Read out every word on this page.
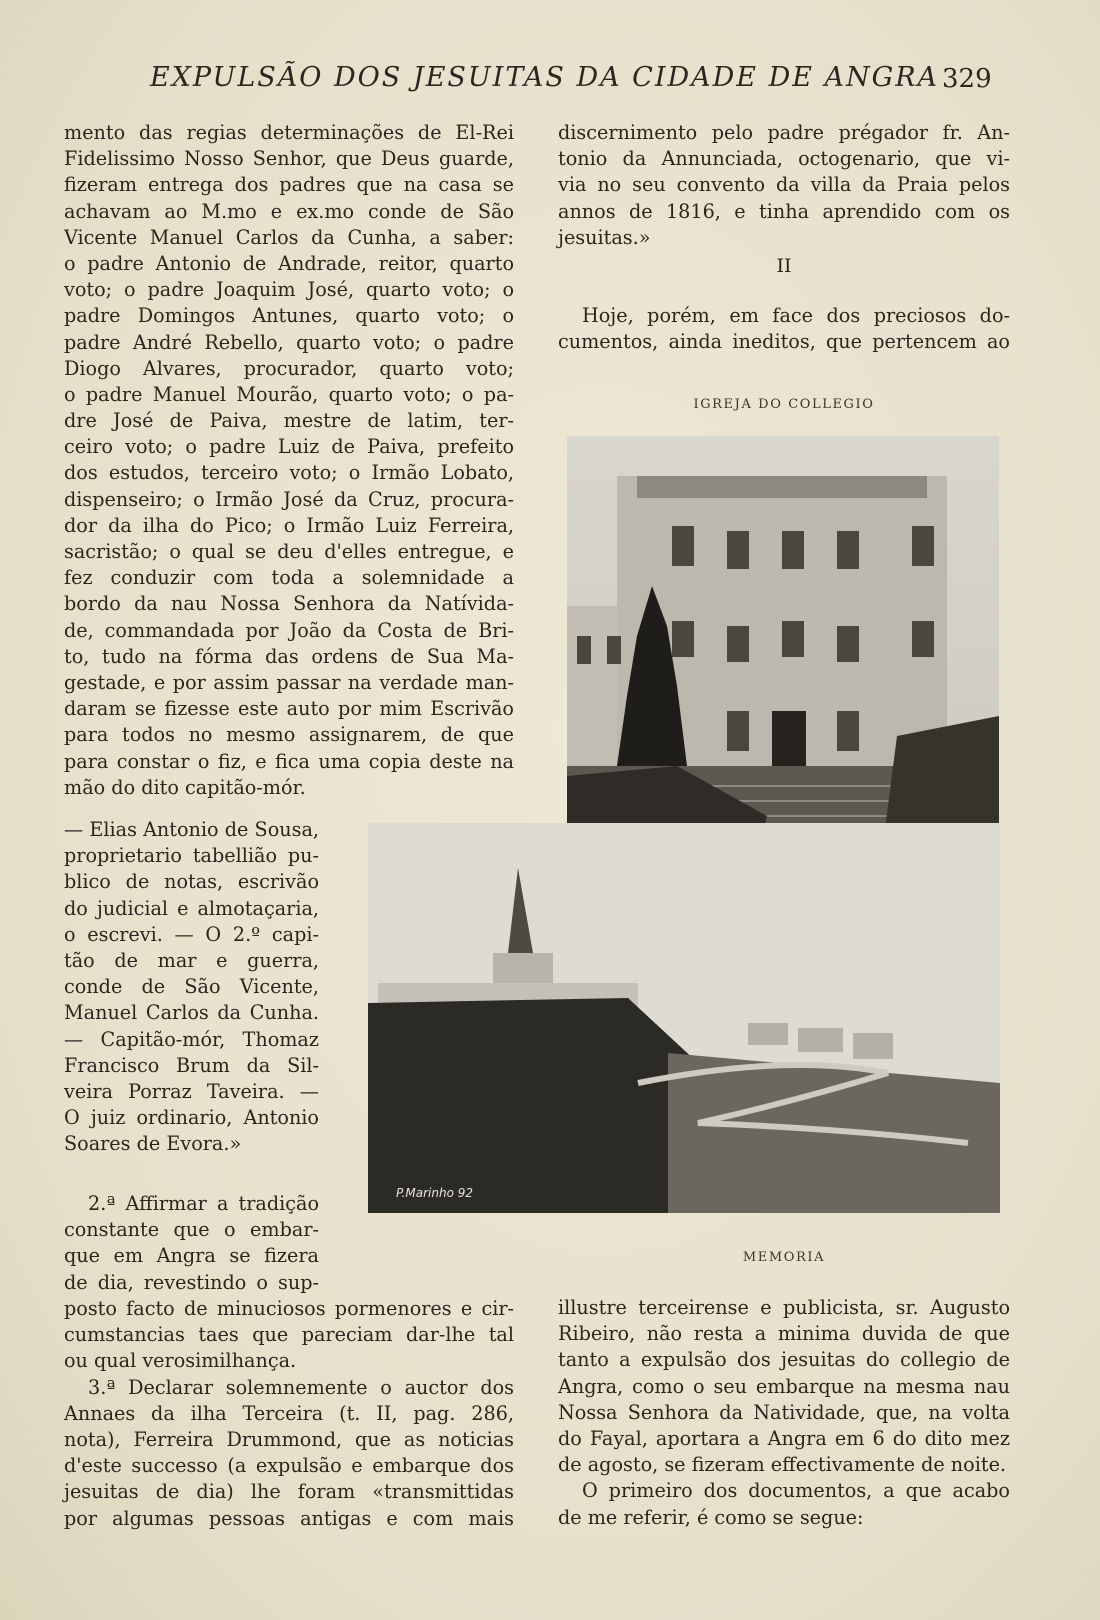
EXPULSÃO DOS JESUITAS DA CIDADE DE ANGRA 329
mento das regias determinações de El-Rei
Fidelissimo Nosso Senhor, que Deus guarde,
fizeram entrega dos padres que na casa se
achavam ao M.mo e ex.mo conde de São
Vicente Manuel Carlos da Cunha, a saber:
o padre Antonio de Andrade, reitor, quarto
voto; o padre Joaquim José, quarto voto; o
padre Domingos Antunes, quarto voto; o
padre André Rebello, quarto voto; o padre
Diogo Alvares, procurador, quarto voto;
o padre Manuel Mourão, quarto voto; o pa-
dre José de Paiva, mestre de latim, ter-
ceiro voto; o padre Luiz de Paiva, prefeito
dos estudos, terceiro voto; o Irmão Lobato,
dispenseiro; o Irmão José da Cruz, procura-
dor da ilha do Pico; o Irmão Luiz Ferreira,
sacristão; o qual se deu d'elles entregue, e
fez conduzir com toda a solemnidade a
bordo da nau Nossa Senhora da Natívida-
de, commandada por João da Costa de Bri-
to, tudo na fórma das ordens de Sua Ma-
gestade, e por assim passar na verdade man-
daram se fizesse este auto por mim Escrivão
para todos no mesmo assignarem, de que
para constar o fiz, e fica uma copia deste na
mão do dito capitão-mór.
— Elias Antonio de Sousa,
proprietario tabellião pu-
blico de notas, escrivão
do judicial e almotaçaria,
o escrevi. — O 2.º capi-
tão de mar e guerra,
conde de São Vicente,
Manuel Carlos da Cunha.
— Capitão-mór, Thomaz
Francisco Brum da Sil-
veira Porraz Taveira. —
O juiz ordinario, Antonio
Soares de Evora.»
2.ª Affirmar a tradição
constante que o embar-
que em Angra se fizera
de dia, revestindo o sup-
posto facto de minuciosos pormenores e cir-
cumstancias taes que pareciam dar-lhe tal
ou qual verosimilhança.
3.ª Declarar solemnemente o auctor dos
Annaes da ilha Terceira (t. II, pag. 286,
nota), Ferreira Drummond, que as noticias
d'este successo (a expulsão e embarque dos
jesuitas de dia) lhe foram «transmittidas
por algumas pessoas antigas e com mais
discernimento pelo padre prégador fr. An-
tonio da Annunciada, octogenario, que vi-
via no seu convento da villa da Praia pelos
annos de 1816, e tinha aprendido com os
jesuitas.»
II
Hoje, porém, em face dos preciosos do-
cumentos, ainda ineditos, que pertencem ao
IGREJA DO COLLEGIO
P.Marinho 92
MEMORIA
illustre terceirense e publicista, sr. Augusto
Ribeiro, não resta a minima duvida de que
tanto a expulsão dos jesuitas do collegio de
Angra, como o seu embarque na mesma nau
Nossa Senhora da Natividade, que, na volta
do Fayal, aportara a Angra em 6 do dito mez
de agosto, se fizeram effectivamente de noite.
O primeiro dos documentos, a que acabo
de me referir, é como se segue:
